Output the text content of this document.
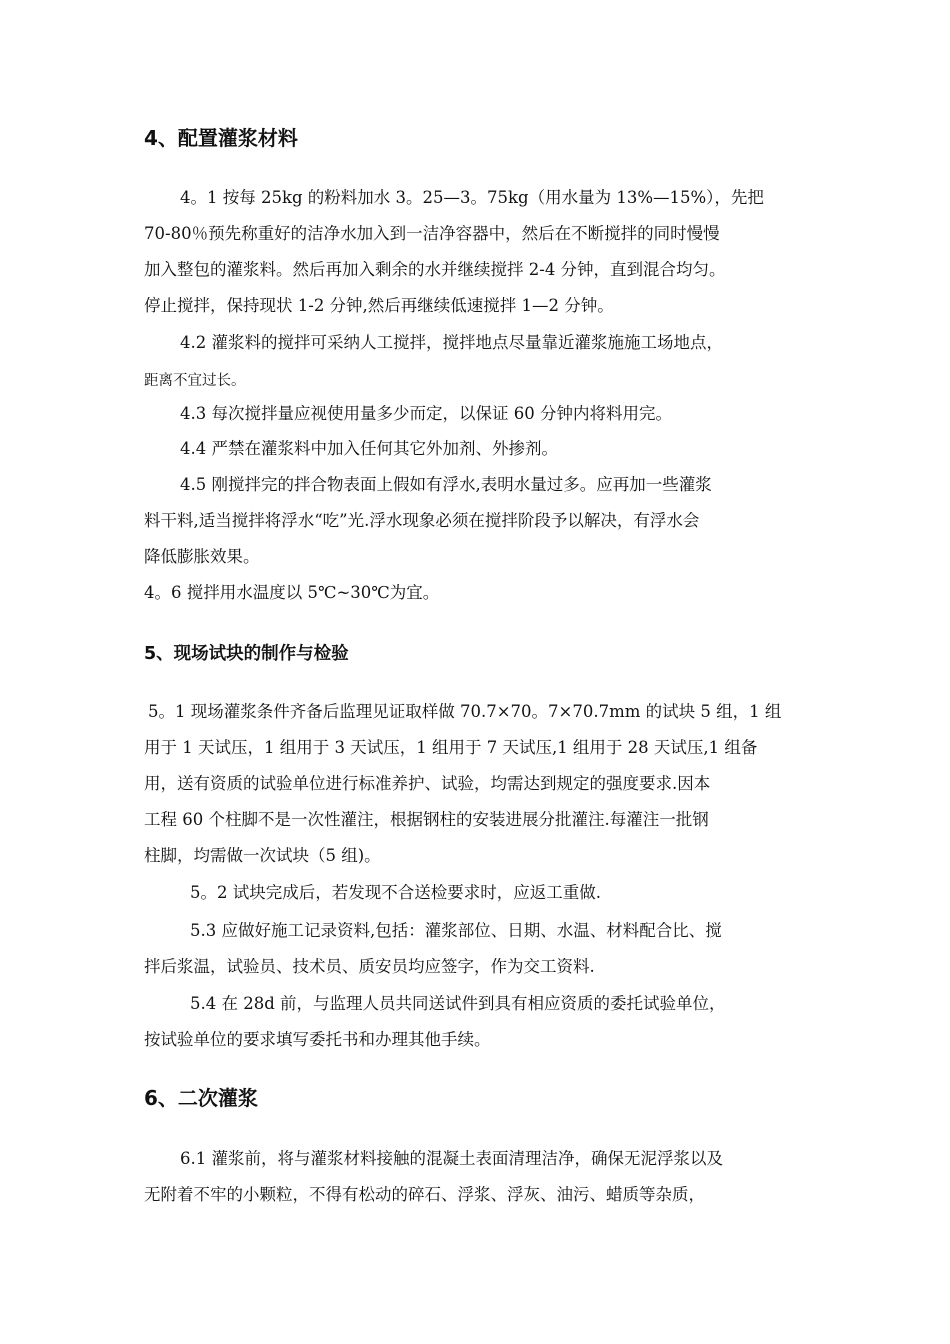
4、配置灌浆材料

4。1 按每 25kg 的粉料加水 3。25—3。75kg（用水量为 13%—15%），先把

70-80％预先称重好的洁净水加入到一洁净容器中，然后在不断搅拌的同时慢慢

加入整包的灌浆料。然后再加入剩余的水并继续搅拌 2-4 分钟，直到混合均匀。

停止搅拌，保持现状 1-2 分钟,然后再继续低速搅拌 1—2 分钟。

4.2 灌浆料的搅拌可采纳人工搅拌，搅拌地点尽量靠近灌浆施施工场地点，

距离不宜过长。

4.3 每次搅拌量应视使用量多少而定，以保证 60 分钟内将料用完。

4.4 严禁在灌浆料中加入任何其它外加剂、外掺剂。

4.5 刚搅拌完的拌合物表面上假如有浮水,表明水量过多。应再加一些灌浆

料干料,适当搅拌将浮水“吃”光.浮水现象必须在搅拌阶段予以解决，有浮水会

降低膨胀效果。

4。6 搅拌用水温度以 5℃~30℃为宜。

5、现场试块的制作与检验

5。1 现场灌浆条件齐备后监理见证取样做 70.7×70。7×70.7mm 的试块 5 组，1 组

用于 1 天试压，1 组用于 3 天试压，1 组用于 7 天试压,1 组用于 28 天试压,1 组备

用，送有资质的试验单位进行标准养护、试验，均需达到规定的强度要求.因本

工程 60 个柱脚不是一次性灌注，根据钢柱的安装进展分批灌注.每灌注一批钢

柱脚，均需做一次试块（5 组)。

5。2 试块完成后，若发现不合送检要求时，应返工重做.

5.3 应做好施工记录资料,包括：灌浆部位、日期、水温、材料配合比、搅

拌后浆温，试验员、技术员、质安员均应签字，作为交工资料.

5.4 在 28d 前，与监理人员共同送试件到具有相应资质的委托试验单位，

按试验单位的要求填写委托书和办理其他手续。

6、二次灌浆

6.1 灌浆前，将与灌浆材料接触的混凝土表面清理洁净，确保无泥浮浆以及

无附着不牢的小颗粒，不得有松动的碎石、浮浆、浮灰、油污、蜡质等杂质，
